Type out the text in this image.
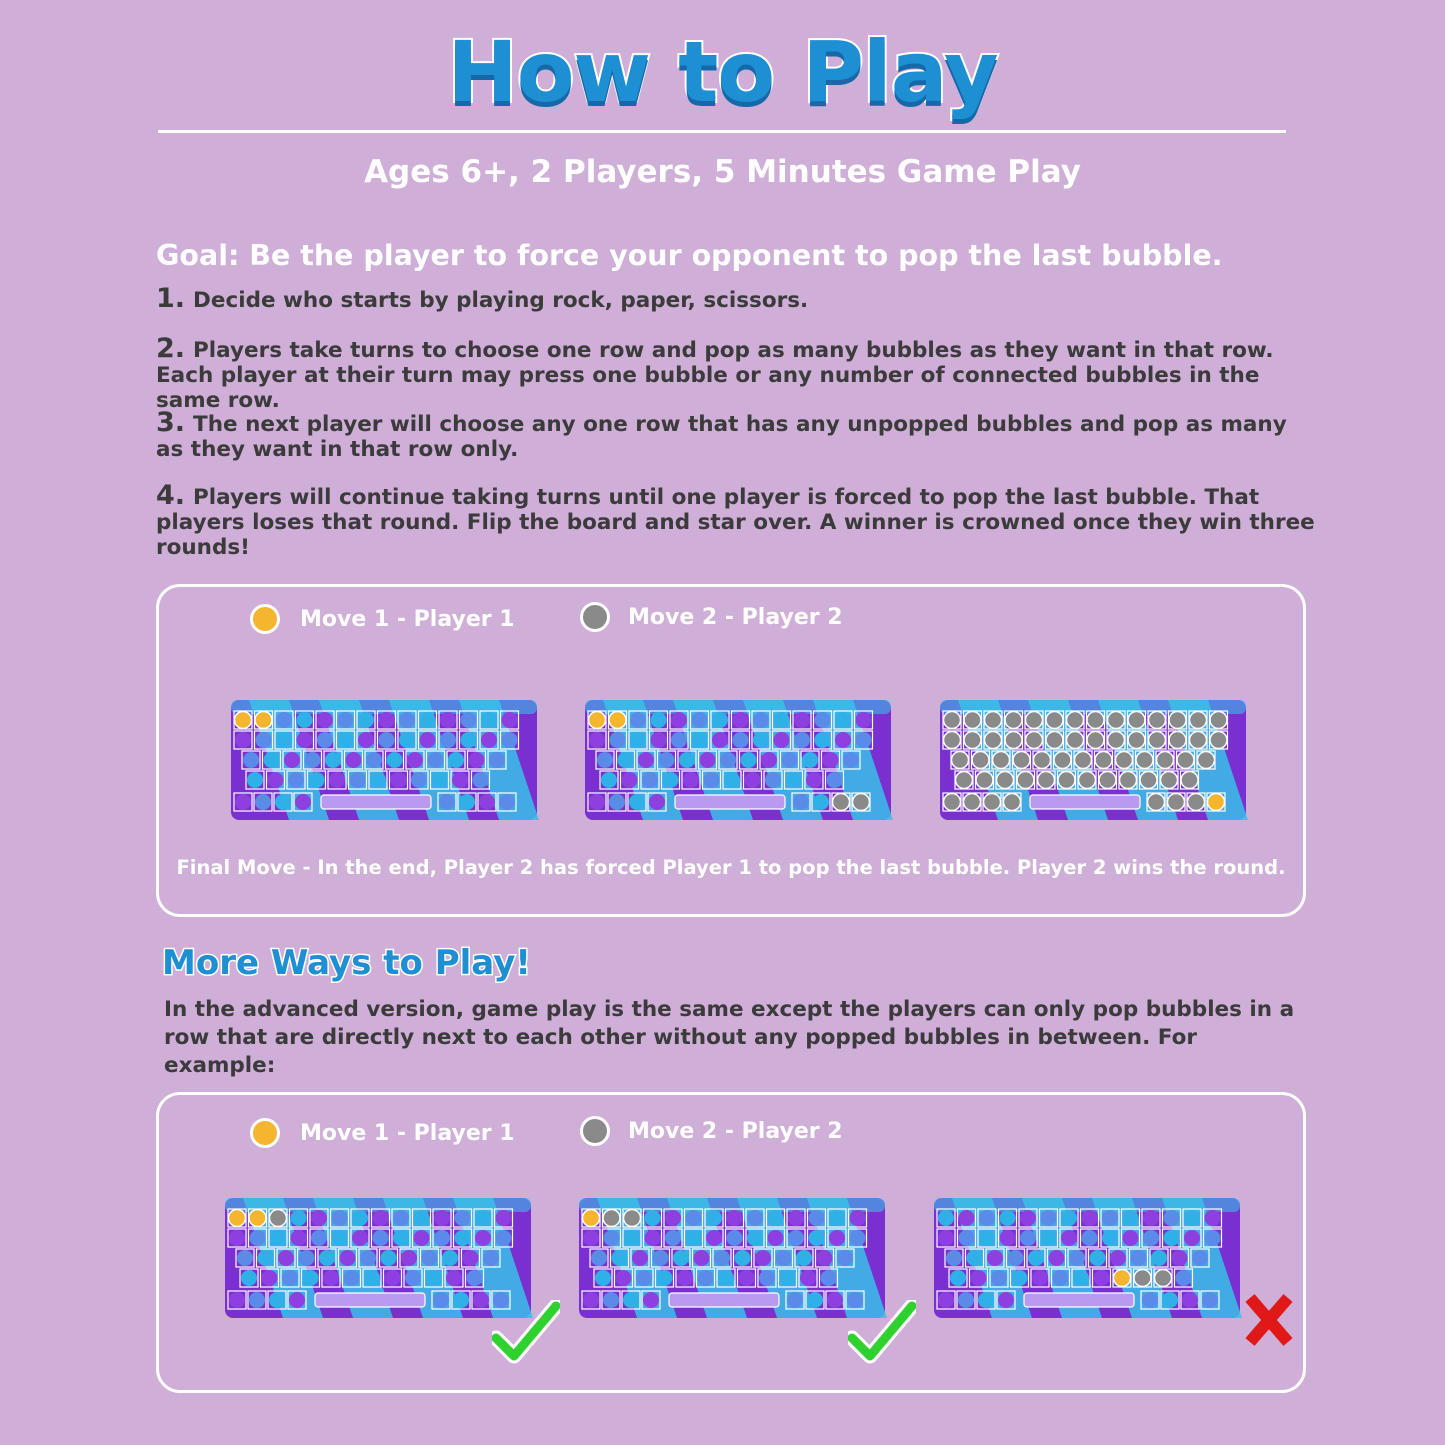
How to Play
Ages 6+, 2 Players, 5 Minutes Game Play
Goal: Be the player to force your opponent to pop the last bubble.
1. Decide who starts by playing rock, paper, scissors.
2. Players take turns to choose one row and pop as many bubbles as they want in that row. Each player at their turn may press one bubble or any number of connected bubbles in the same row.
3. The next player will choose any one row that has any unpopped bubbles and pop as many as they want in that row only.
4. Players will continue taking turns until one player is forced to pop the last bubble. That players loses that round. Flip the board and star over. A winner is crowned once they win three rounds!
Move 1 - Player 1	Move 2 - Player 2
Final Move - In the end, Player 2 has forced Player 1 to pop the last bubble. Player 2 wins the round.
More Ways to Play!
In the advanced version, game play is the same except the players can only pop bubbles in a row that are directly next to each other without any popped bubbles in between. For example:
Move 1 - Player 1	Move 2 - Player 2
